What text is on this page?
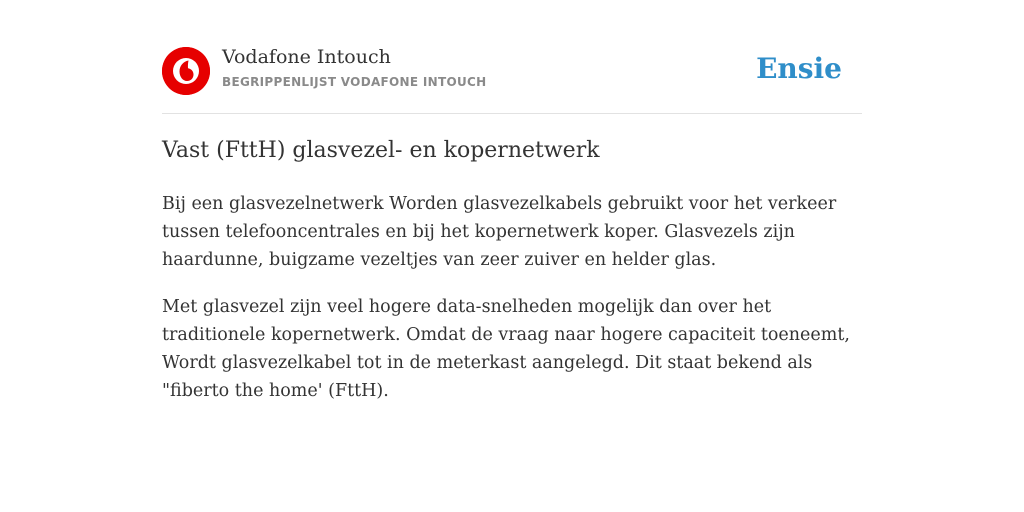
Vodafone Intouch
BEGRIPPENLIJST VODAFONE INTOUCH	Ensie
Vast (FttH) glasvezel- en kopernetwerk

Bij een glasvezelnetwerk Worden glasvezelkabels gebruikt voor het verkeer tussen telefooncentrales en bij het kopernetwerk koper. Glasvezels zijn haardunne, buigzame vezeltjes van zeer zuiver en helder glas.

Met glasvezel zijn veel hogere data-snelheden mogelijk dan over het traditionele kopernetwerk. Omdat de vraag naar hogere capaciteit toeneemt, Wordt glasvezelkabel tot in de meterkast aangelegd. Dit staat bekend als "fiberto the home' (FttH).
